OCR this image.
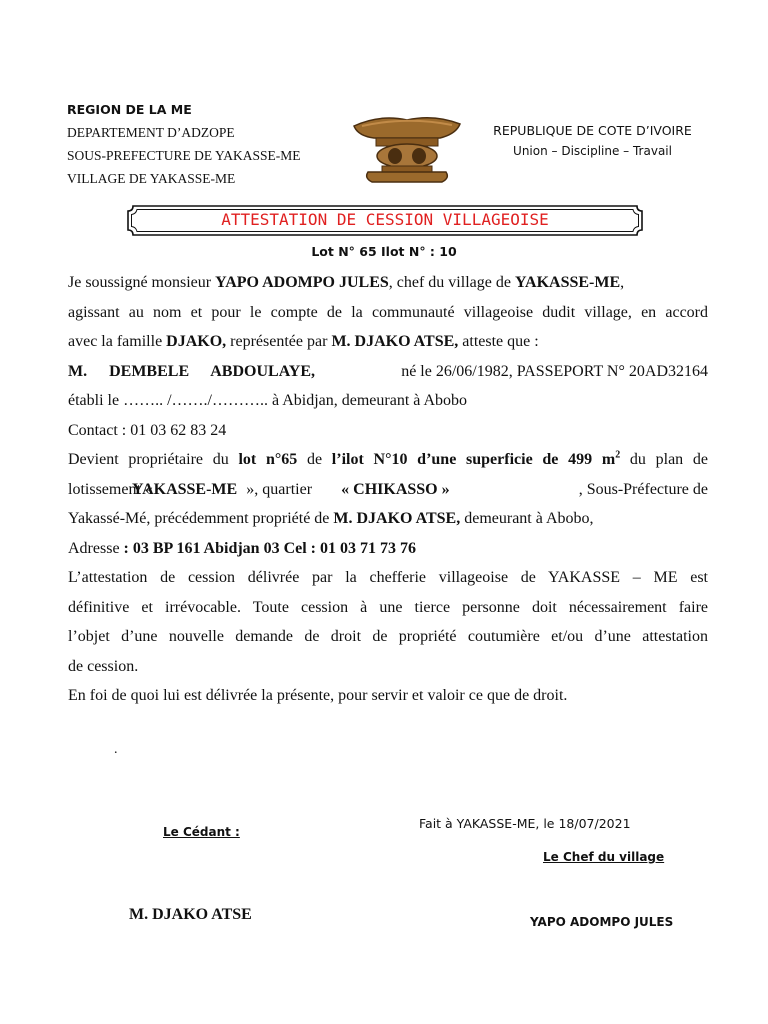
REGION DE LA ME
DEPARTEMENT D’ADZOPE
SOUS-PREFECTURE DE YAKASSE-ME
VILLAGE DE YAKASSE-ME
REPUBLIQUE DE COTE D’IVOIRE
Union – Discipline – Travail
ATTESTATION DE CESSION VILLAGEOISE
Lot N° 65 Ilot N° : 10
Je soussigné monsieur YAPO ADOMPO JULES, chef du village de YAKASSE-ME,
agissant au nom et pour le compte de la communauté villageoise dudit village, en accord
avec la famille DJAKO, représentée par M. DJAKO ATSE, atteste que :
M. DEMBELE ABDOULAYE,	né le 26/06/1982, PASSEPORT N° 20AD32164
établi le …….. /……./……….. à Abidjan, demeurant à Abobo
Contact : 01 03 62 83 24
Devient propriétaire du lot n°65 de l’ilot N°10 d’une superficie de 499 $m^2$ du plan de
lotissement «
YAKASSE-ME », quartier « CHIKASSO »	, Sous-Préfecture de
Yakassé-Mé, précédemment propriété de M. DJAKO ATSE, demeurant à Abobo,
Adresse : 03 BP 161 Abidjan 03 Cel : 01 03 71 73 76
L’attestation de cession délivrée par la chefferie villageoise de YAKASSE – ME est
définitive et irrévocable. Toute cession à une tierce personne doit nécessairement faire
l’objet d’une nouvelle demande de droit de propriété coutumière et/ou d’une attestation
de cession.
En foi de quoi lui est délivrée la présente, pour servir et valoir ce que de droit.
.
Fait à YAKASSE-ME, le 18/07/2021
Le Cédant :
Le Chef du village
M. DJAKO ATSE	YAPO ADOMPO JULES
